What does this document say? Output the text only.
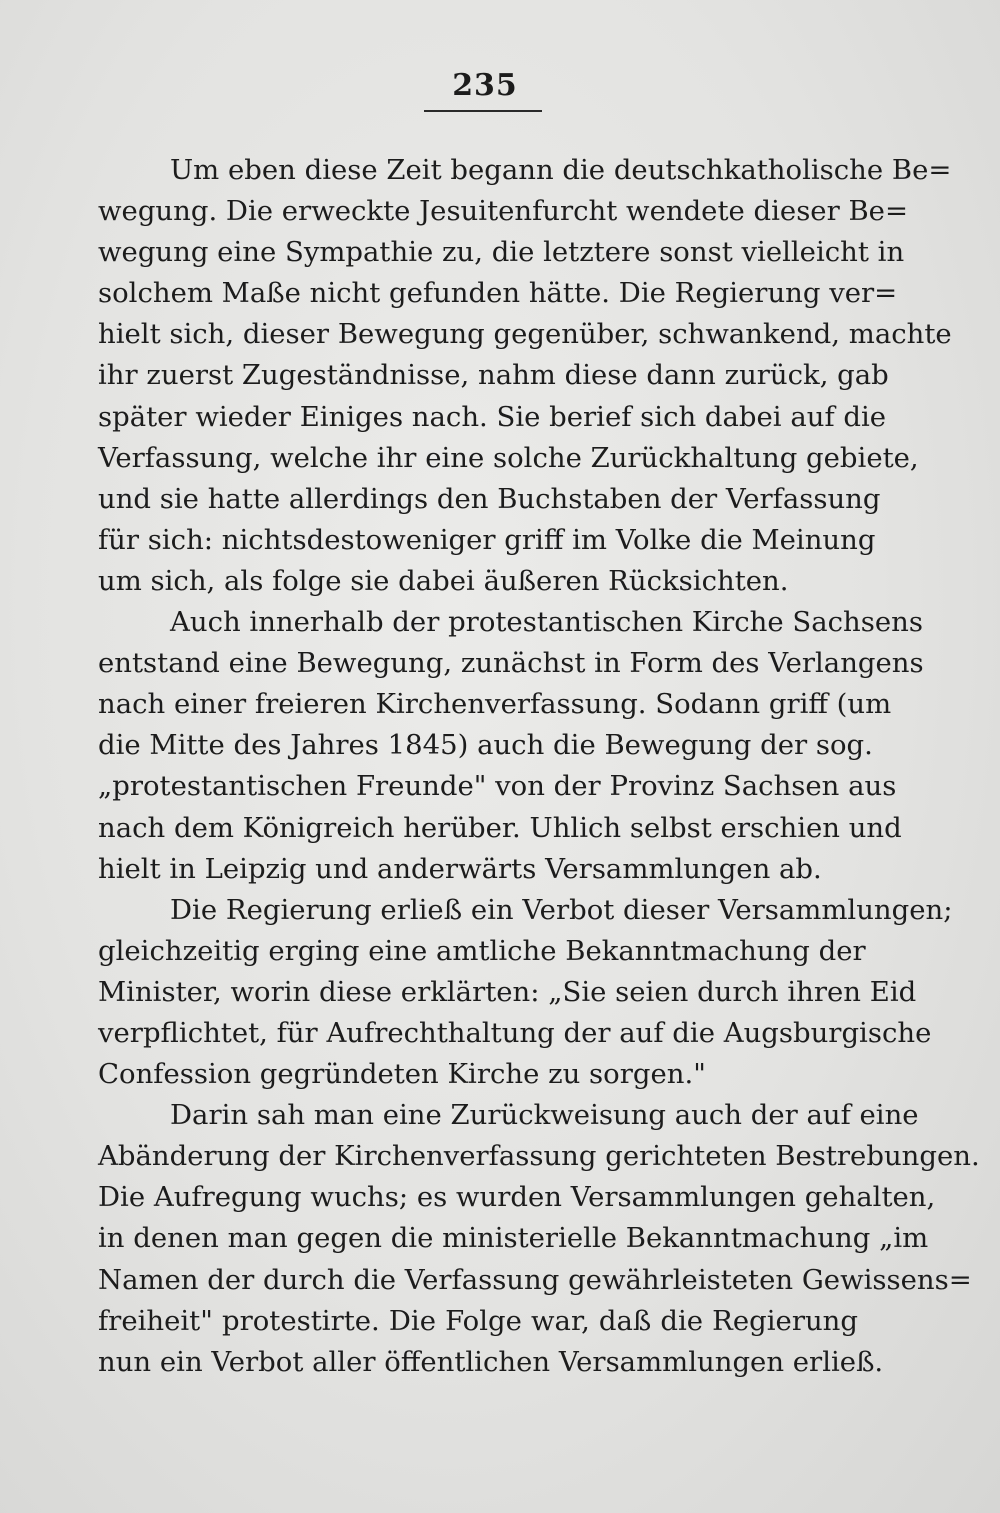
235
Um eben diese Zeit begann die deutschkatholische Be=
wegung. Die erweckte Jesuitenfurcht wendete dieser Be=
wegung eine Sympathie zu, die letztere sonst vielleicht in
solchem Maße nicht gefunden hätte. Die Regierung ver=
hielt sich, dieser Bewegung gegenüber, schwankend, machte
ihr zuerst Zugeständnisse, nahm diese dann zurück, gab
später wieder Einiges nach. Sie berief sich dabei auf die
Verfassung, welche ihr eine solche Zurückhaltung gebiete,
und sie hatte allerdings den Buchstaben der Verfassung
für sich: nichtsdestoweniger griff im Volke die Meinung
um sich, als folge sie dabei äußeren Rücksichten.
Auch innerhalb der protestantischen Kirche Sachsens
entstand eine Bewegung, zunächst in Form des Verlangens
nach einer freieren Kirchenverfassung. Sodann griff (um
die Mitte des Jahres 1845) auch die Bewegung der sog.
„protestantischen Freunde" von der Provinz Sachsen aus
nach dem Königreich herüber. Uhlich selbst erschien und
hielt in Leipzig und anderwärts Versammlungen ab.
Die Regierung erließ ein Verbot dieser Versammlungen;
gleichzeitig erging eine amtliche Bekanntmachung der
Minister, worin diese erklärten: „Sie seien durch ihren Eid
verpflichtet, für Aufrechthaltung der auf die Augsburgische
Confession gegründeten Kirche zu sorgen."
Darin sah man eine Zurückweisung auch der auf eine
Abänderung der Kirchenverfassung gerichteten Bestrebungen.
Die Aufregung wuchs; es wurden Versammlungen gehalten,
in denen man gegen die ministerielle Bekanntmachung „im
Namen der durch die Verfassung gewährleisteten Gewissens=
freiheit" protestirte. Die Folge war, daß die Regierung
nun ein Verbot aller öffentlichen Versammlungen erließ.
